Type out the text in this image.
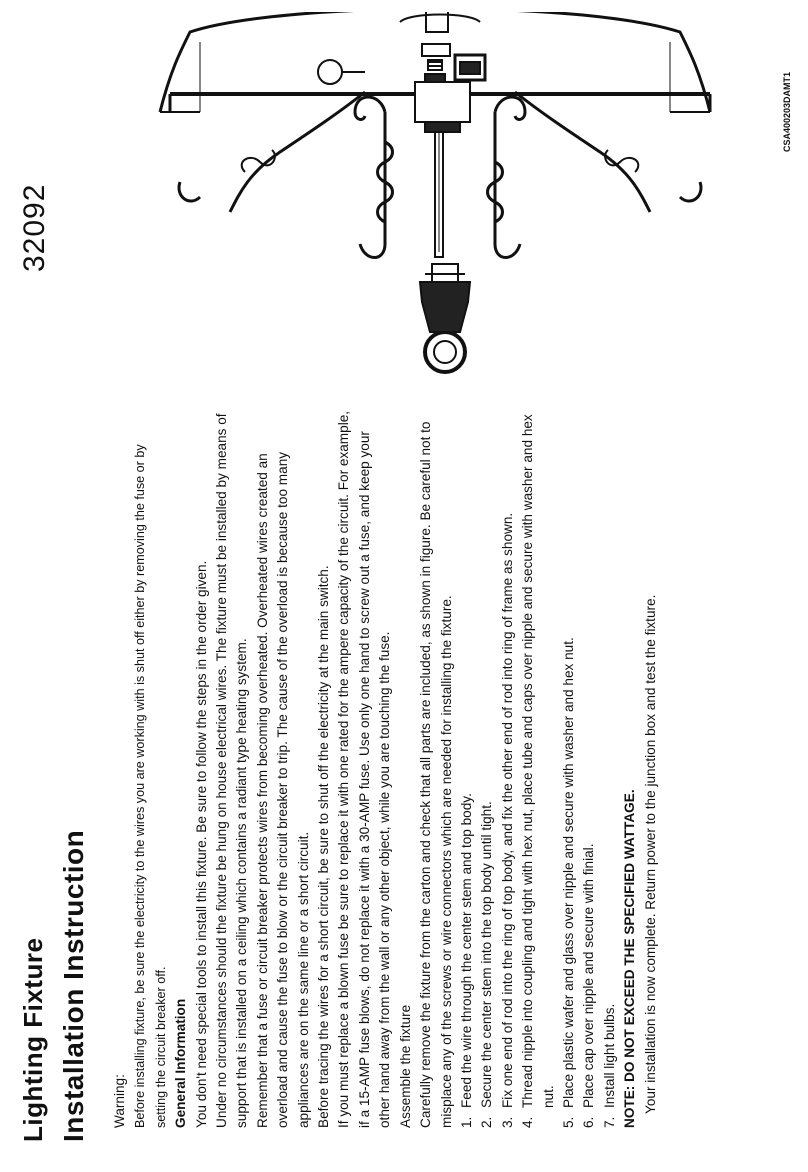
Lighting Fixture Installation Instruction Warning: Before installing fixture, be sure the electricity to the wires you are working with is shut off either by removing the fuse or by setting the circuit breaker off. General Information You don't need special tools to install this fixture. Be sure to follow the steps in the order given. Under no circumstances should the fixture be hung on house electrical wires. The fixture must be installed by means of support that is installed on a ceiling which contains a radiant type heating system. Remember that a fuse or circuit breaker protects wires from becoming overheated. Overheated wires created an overload and cause the fuse to blow or the circuit breaker to trip. The cause of the overload is because too many appliances are on the same line or a short circuit. Before tracing the wires for a short circuit, be sure to shut off the electricity at the main switch. If you must replace a blown fuse be sure to replace it with one rated for the ampere capacity of the circuit. For example, if a 15-AMP fuse blows, do not replace it with a 30-AMP fuse. Use only one hand to screw out a fuse, and keep your other hand away from the wall or any other object, while you are touching the fuse. Assemble the fixture Carefully remove the fixture from the carton and check that all parts are included, as shown in figure. Be careful not to misplace any of the screws or wire connectors which are needed for installing the fixture. 1.
Feed the wire through the center stem and top body.
2.
Secure the center stem into the top body until tight.
3.
Fix one end of rod into the ring of top body, and fix the other end of rod into ring of frame as shown.
4.
Thread nipple into coupling and tight with hex nut, place tube and caps over nipple and secure with washer and hex nut.
5.
Place plastic wafer and glass over nipple and secure with washer and hex nut.
6.
Place cap over nipple and secure with finial.
7.
Install light bulbs. NOTE: DO NOT EXCEED THE SPECIFIED WATTAGE. Your installation is now complete. Return power to the junction box and test the fixture.

32092
CSA400203DAMT1
